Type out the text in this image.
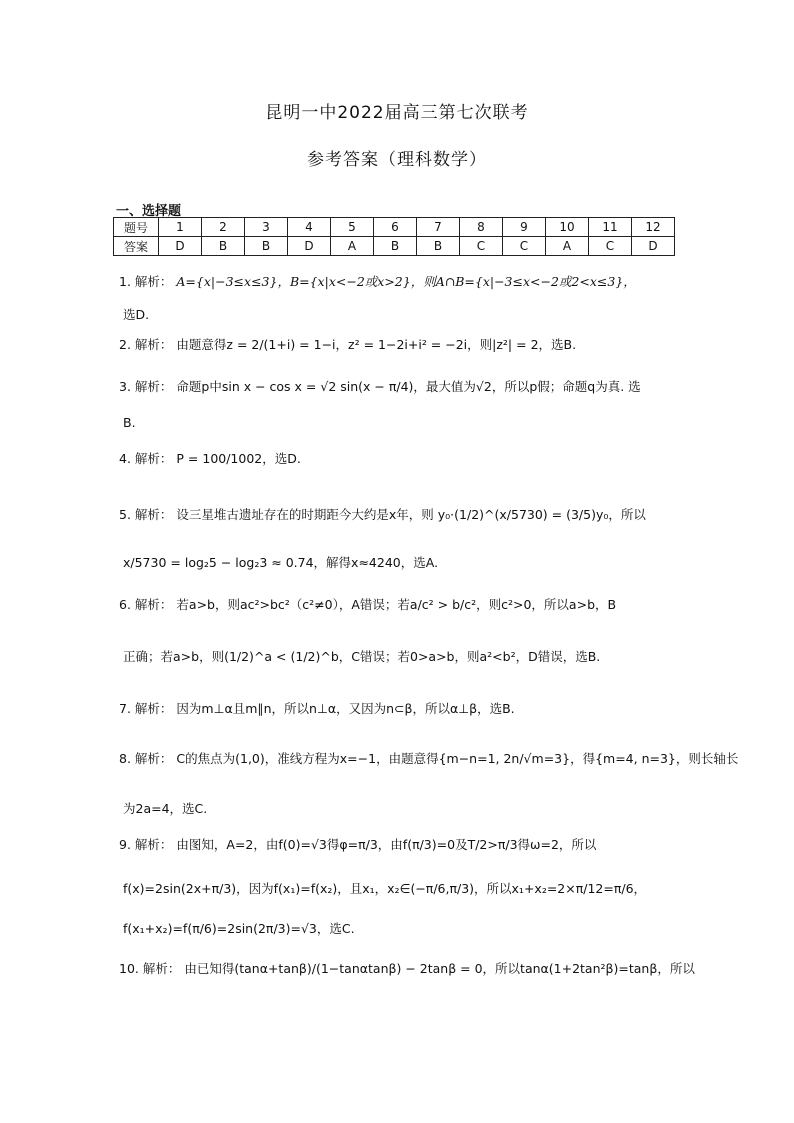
昆明一中2022届高三第七次联考
参考答案（理科数学）
一、选择题
题号	1	2	3	4	5	6	7	8	9	10	11	12
答案	D	B	B	D	A	B	B	C	C	A	C	D
1. 解析： A={x|−3≤x≤3}，B={x|x<−2或x>2}，则A∩B={x|−3≤x<−2或2<x≤3}，
选D.
2. 解析： 由题意得z = 2/(1+i) = 1−i，z² = 1−2i+i² = −2i，则|z²| = 2，选B.
3. 解析： 命题p中sin x − cos x = √2 sin(x − π/4)，最大值为√2，所以p假；命题q为真. 选
B.
4. 解析： P = 100/1002，选D.
5. 解析： 设三星堆古遗址存在的时期距今大约是x年，则 y₀·(1/2)^(x/5730) = (3/5)y₀，所以
x/5730 = log₂5 − log₂3 ≈ 0.74，解得x≈4240，选A.
6. 解析： 若a>b，则ac²>bc²（c²≠0），A错误；若a/c² > b/c²，则c²>0，所以a>b，B
正确；若a>b，则(1/2)^a < (1/2)^b，C错误；若0>a>b，则a²<b²，D错误，选B.
7. 解析： 因为m⊥α且m∥n，所以n⊥α，又因为n⊂β，所以α⊥β，选B.
8. 解析： C的焦点为(1,0)，准线方程为x=−1，由题意得{m−n=1, 2n/√m=3}，得{m=4, n=3}，则长轴长
为2a=4，选C.
9. 解析： 由图知，A=2，由f(0)=√3得φ=π/3，由f(π/3)=0及T/2>π/3得ω=2，所以
f(x)=2sin(2x+π/3)，因为f(x₁)=f(x₂)，且x₁，x₂∈(−π/6,π/3)，所以x₁+x₂=2×π/12=π/6，
f(x₁+x₂)=f(π/6)=2sin(2π/3)=√3，选C.
10. 解析： 由已知得(tanα+tanβ)/(1−tanαtanβ) − 2tanβ = 0，所以tanα(1+2tan²β)=tanβ，所以
